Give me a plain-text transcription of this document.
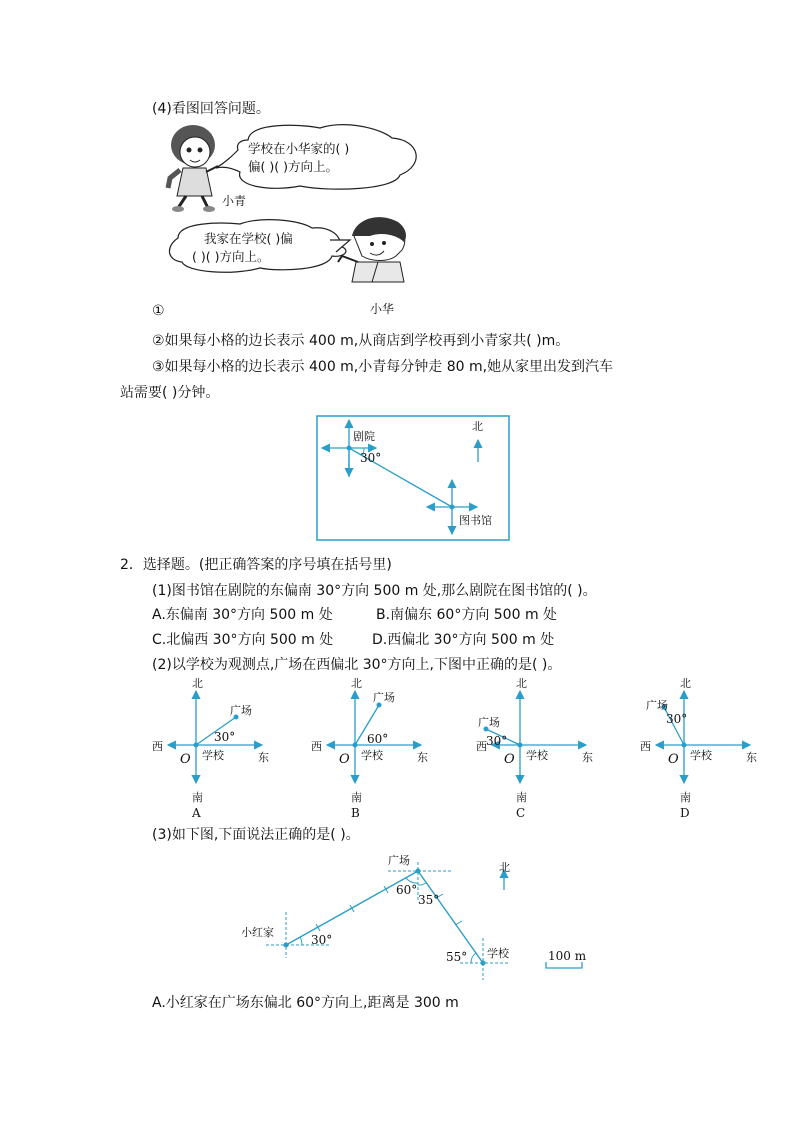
(4)看图回答问题。
学校在小华家的( )
偏( )( )方向上。
小青
我家在学校( )偏
( )( )方向上。
小华
①
②如果每小格的边长表示 400 m,从商店到学校再到小青家共( )m。
③如果每小格的边长表示 400 m,小青每分钟走 80 m,她从家里出发到汽车
站需要( )分钟。
剧院
30°
北
图书馆
2．选择题。(把正确答案的序号填在括号里)
(1)图书馆在剧院的东偏南 30°方向 500 m 处,那么剧院在图书馆的( )。
A.东偏南 30°方向 500 m 处	B.南偏东 60°方向 500 m 处
C.北偏西 30°方向 500 m 处	D.西偏北 30°方向 500 m 处
(2)以学校为观测点,广场在西偏北 30°方向上,下图中正确的是( )。
北
南
西
东
O 学校
广场
30°
A
北
南
西
东
O 学校
广场
60°
B
北
南
西
东
O 学校
广场
30°
C
北
南
西
东
O 学校
广场
30°
D
(3)如下图,下面说法正确的是( )。
广场
北
小红家
学校
60°
35°
30°
55°	100 m
A.小红家在广场东偏北 60°方向上,距离是 300 m
